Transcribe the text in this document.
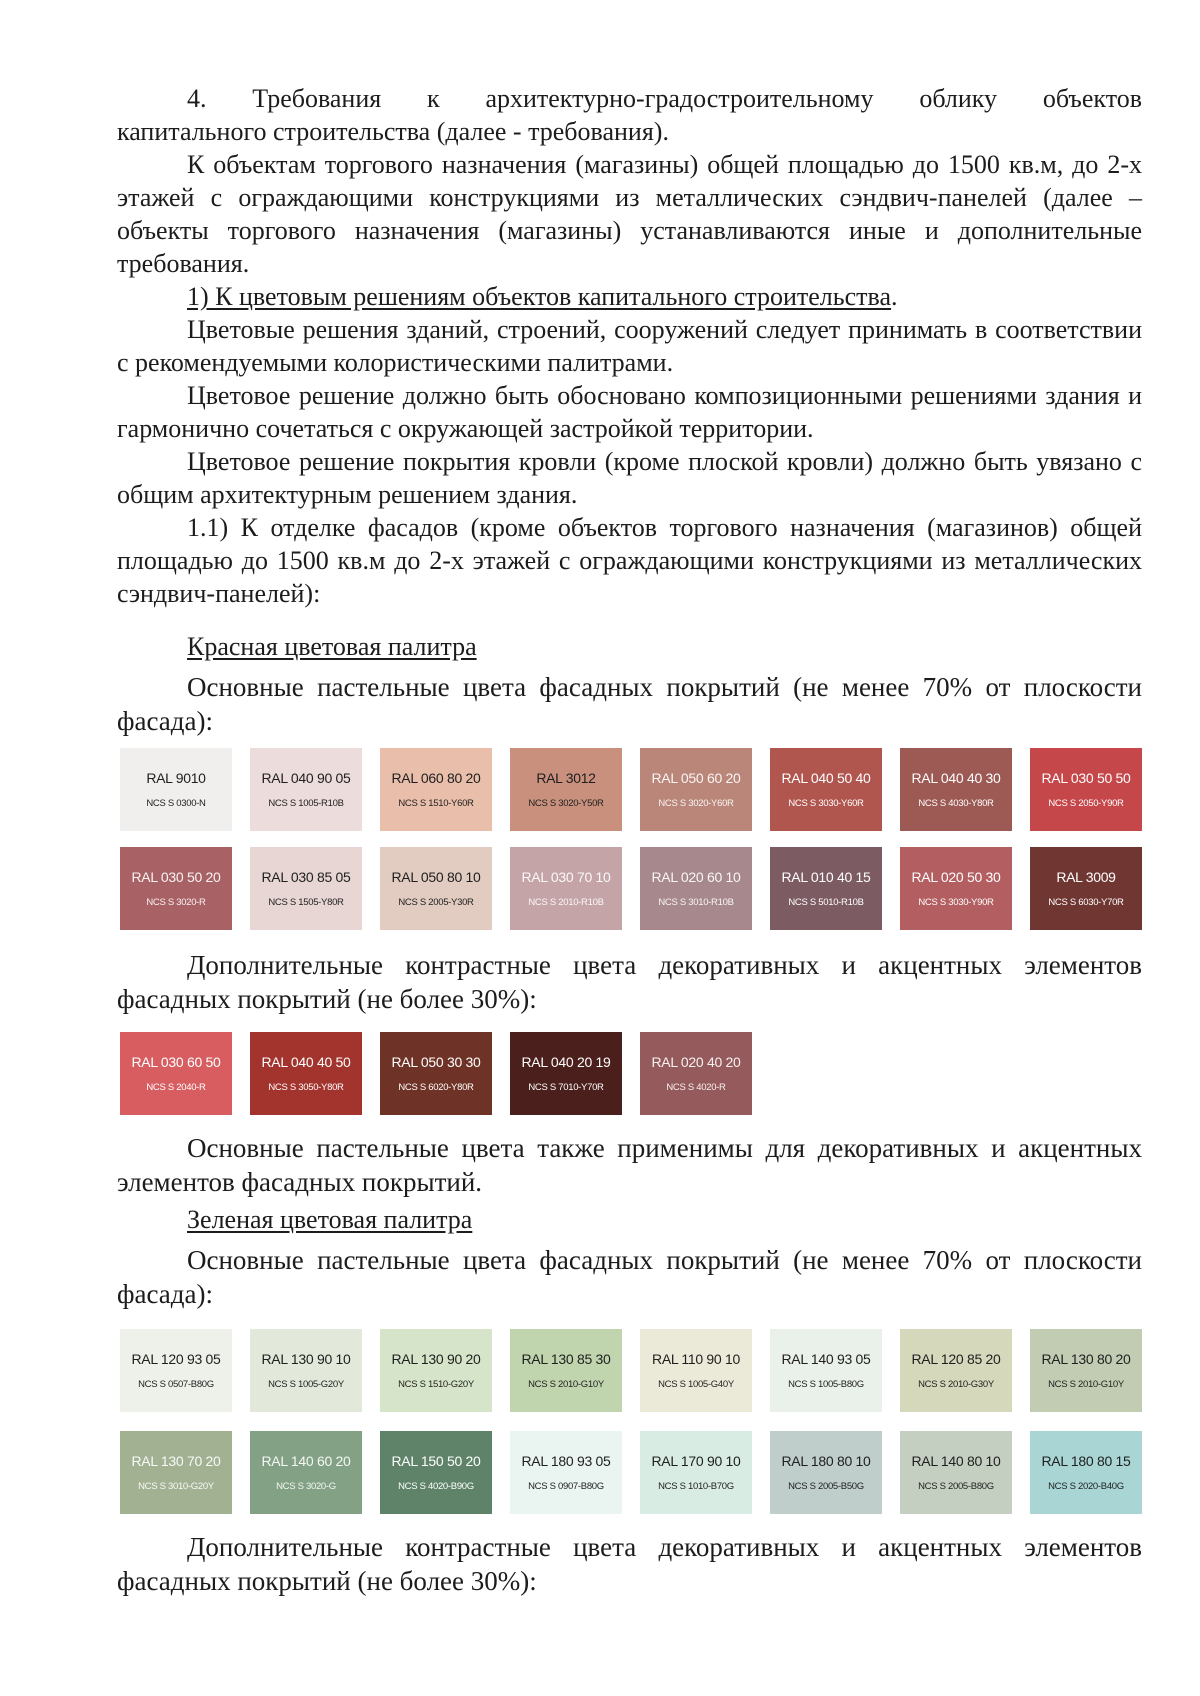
4. Требования к архитектурно-градостроительному облику объектов

капитального строительства (далее - требования).

К объектам торгового назначения (магазины) общей площадью до 1500 кв.м, до 2-х этажей с ограждающими конструкциями из металлических сэндвич-панелей (далее – объекты торгового назначения (магазины) устанавливаются иные и дополнительные требования.

1) К цветовым решениям объектов капитального строительства.

Цветовые решения зданий, строений, сооружений следует принимать в соответствии с рекомендуемыми колористическими палитрами.

Цветовое решение должно быть обосновано композиционными решениями здания и гармонично сочетаться с окружающей застройкой территории.

Цветовое решение покрытия кровли (кроме плоской кровли) должно быть увязано с общим архитектурным решением здания.

1.1) К отделке фасадов (кроме объектов торгового назначения (магазинов) общей площадью до 1500 кв.м до 2-х этажей с ограждающими конструкциями из металлических сэндвич-панелей):

Красная цветовая палитра

Основные пастельные цвета фасадных покрытий (не менее 70% от плоскости фасада):

RAL 9010
NCS S 0300-N
RAL 040 90 05
NCS S 1005-R10B
RAL 060 80 20
NCS S 1510-Y60R
RAL 3012
NCS S 3020-Y50R
RAL 050 60 20
NCS S 3020-Y60R
RAL 040 50 40
NCS S 3030-Y60R
RAL 040 40 30
NCS S 4030-Y80R
RAL 030 50 50
NCS S 2050-Y90R
RAL 030 50 20
NCS S 3020-R
RAL 030 85 05
NCS S 1505-Y80R
RAL 050 80 10
NCS S 2005-Y30R
RAL 030 70 10
NCS S 2010-R10B
RAL 020 60 10
NCS S 3010-R10B
RAL 010 40 15
NCS S 5010-R10B
RAL 020 50 30
NCS S 3030-Y90R
RAL 3009
NCS S 6030-Y70R

Дополнительные контрастные цвета декоративных и акцентных элементов фасадных покрытий (не более 30%):

RAL 030 60 50
NCS S 2040-R
RAL 040 40 50
NCS S 3050-Y80R
RAL 050 30 30
NCS S 6020-Y80R
RAL 040 20 19
NCS S 7010-Y70R
RAL 020 40 20
NCS S 4020-R

Основные пастельные цвета также применимы для декоративных и акцентных элементов фасадных покрытий.

Зеленая цветовая палитра

Основные пастельные цвета фасадных покрытий (не менее 70% от плоскости фасада):

RAL 120 93 05
NCS S 0507-B80G
RAL 130 90 10
NCS S 1005-G20Y
RAL 130 90 20
NCS S 1510-G20Y
RAL 130 85 30
NCS S 2010-G10Y
RAL 110 90 10
NCS S 1005-G40Y
RAL 140 93 05
NCS S 1005-B80G
RAL 120 85 20
NCS S 2010-G30Y
RAL 130 80 20
NCS S 2010-G10Y
RAL 130 70 20
NCS S 3010-G20Y
RAL 140 60 20
NCS S 3020-G
RAL 150 50 20
NCS S 4020-B90G
RAL 180 93 05
NCS S 0907-B80G
RAL 170 90 10
NCS S 1010-B70G
RAL 180 80 10
NCS S 2005-B50G
RAL 140 80 10
NCS S 2005-B80G
RAL 180 80 15
NCS S 2020-B40G

Дополнительные контрастные цвета декоративных и акцентных элементов фасадных покрытий (не более 30%):
